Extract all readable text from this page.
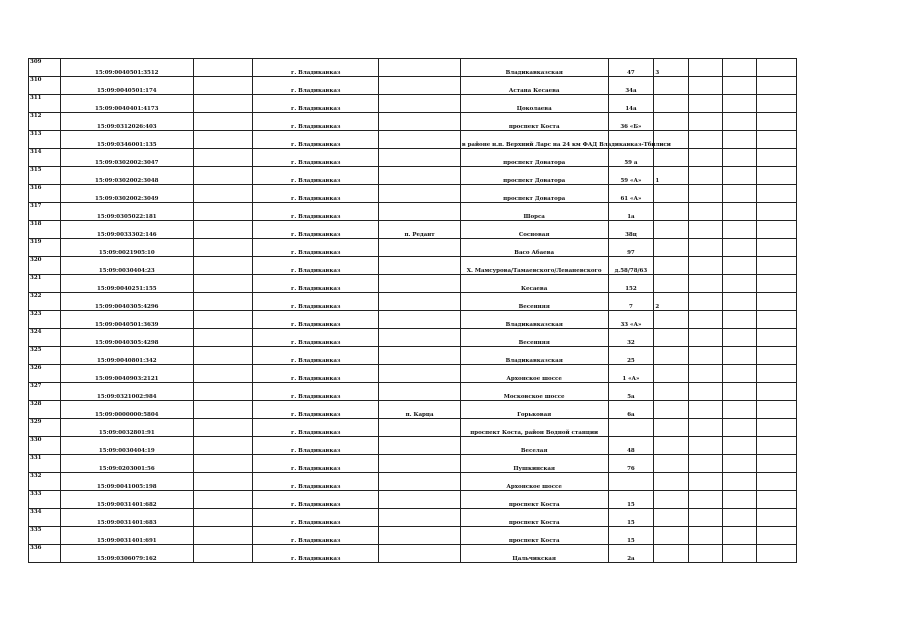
309	15:09:0040501:3512		г. Владикавказ		Владикавказская	47	3			
310	15:09:0040501:174		г. Владикавказ		Астана Кесаева	34а				
311	15:09:0040401:4173		г. Владикавказ		Цоколаева	14а				
312	15:09:0312026:403		г. Владикавказ		проспект Коста	36 «Б»				
313	15:09:0346001:135		г. Владикавказ		в районе н.п. Верхний Ларс на 24 км ФАД Владикавказ-Тбилиси					
314	15:09:0302002:3047		г. Владикавказ		проспект Доватора	59 а				
315	15:09:0302002:3048		г. Владикавказ		проспект Доватора	59 «А»	1			
316	15:09:0302002:3049		г. Владикавказ		проспект Доватора	61 «А»				
317	15:09:0305022:181		г. Владикавказ		Шорса	1а				
318	15:09:0033302:146		г. Владикавказ	п. Редант	Сосновая	38ц				
319	15:09:0021905:10		г. Владикавказ		Васо Абаева	97				
320	15:09:0030404:23		г. Владикавказ		Х. Мамсурова/Тамаевского/Леваневского	д.58/78/63				
321	15:09:0040251:155		г. Владикавказ		Кесаева	152				
322	15:09:0040305:4296		г. Владикавказ		Весенняя	7	2			
323	15:09:0040501:3639		г. Владикавказ		Владикавказская	33 «А»				
324	15:09:0040305:4298		г. Владикавказ		Весенняя	32				
325	15:09:0040801:342		г. Владикавказ		Владикавказская	25				
326	15:09:0040903:2121		г. Владикавказ		Архонское шоссе	1 «А»				
327	15:09:0321002:984		г. Владикавказ		Московское шоссе	5а				
328	15:09:0000000:5804		г. Владикавказ	п. Карца	Горьковая	6а				
329	15:09:0032801:91		г. Владикавказ		проспект Коста, район Водной станции					
330	15:09:0030404:19		г. Владикавказ		Веселая	48				
331	15:09:0203001:56		г. Владикавказ		Пушкинская	76				
332	15:09:0041005:198		г. Владикавказ		Архонское шоссе					
333	15:09:0031401:682		г. Владикавказ		проспект Коста	15				
334	15:09:0031401:683		г. Владикавказ		проспект Коста	15				
335	15:09:0031401:691		г. Владикавказ		проспект Коста	15				
336	15:09:0306079:162		г. Владикавказ		Цальчикская	2а				
